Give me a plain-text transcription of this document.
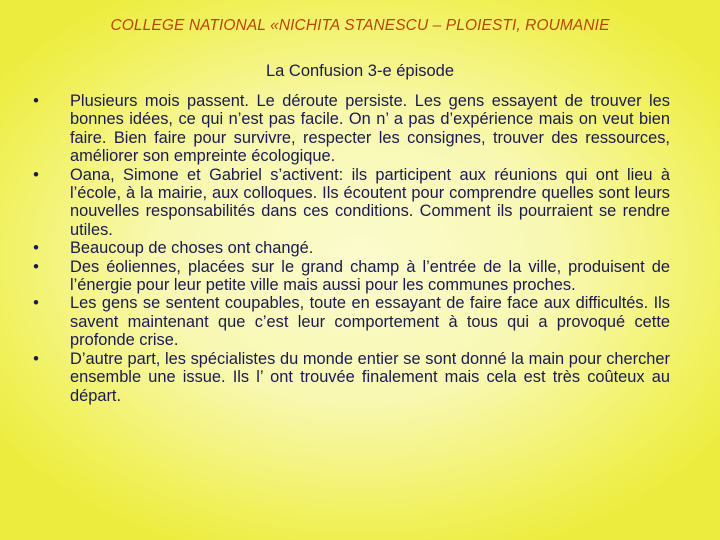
COLLEGE NATIONAL «NICHITA STANESCU – PLOIESTI, ROUMANIE
La Confusion 3-e épisode
•	Plusieurs mois passent. Le déroute persiste. Les gens essayent de trouver les bonnes idées, ce qui n’est pas facile. On n’ a pas d’expérience mais on veut bien faire. Bien faire pour survivre, respecter les consignes, trouver des ressources, améliorer son empreinte écologique.
•	Oana, Simone et Gabriel s’activent: ils participent aux réunions qui ont lieu à l’école, à la mairie, aux colloques. Ils écoutent pour comprendre quelles sont leurs nouvelles responsabilités dans ces conditions. Comment ils pourraient se rendre utiles.
•	Beaucoup de choses ont changé.
•	Des éoliennes, placées sur le grand champ à l’entrée de la ville, produisent de l’énergie pour leur petite ville mais aussi pour les communes proches.
•	Les gens se sentent coupables, toute en essayant de faire face aux difficultés. Ils savent maintenant que c’est leur comportement à tous qui a provoqué cette profonde crise.
•	D’autre part, les spécialistes du monde entier se sont donné la main pour chercher ensemble une issue. Ils l’ ont trouvée finalement mais cela est très coûteux au départ.
